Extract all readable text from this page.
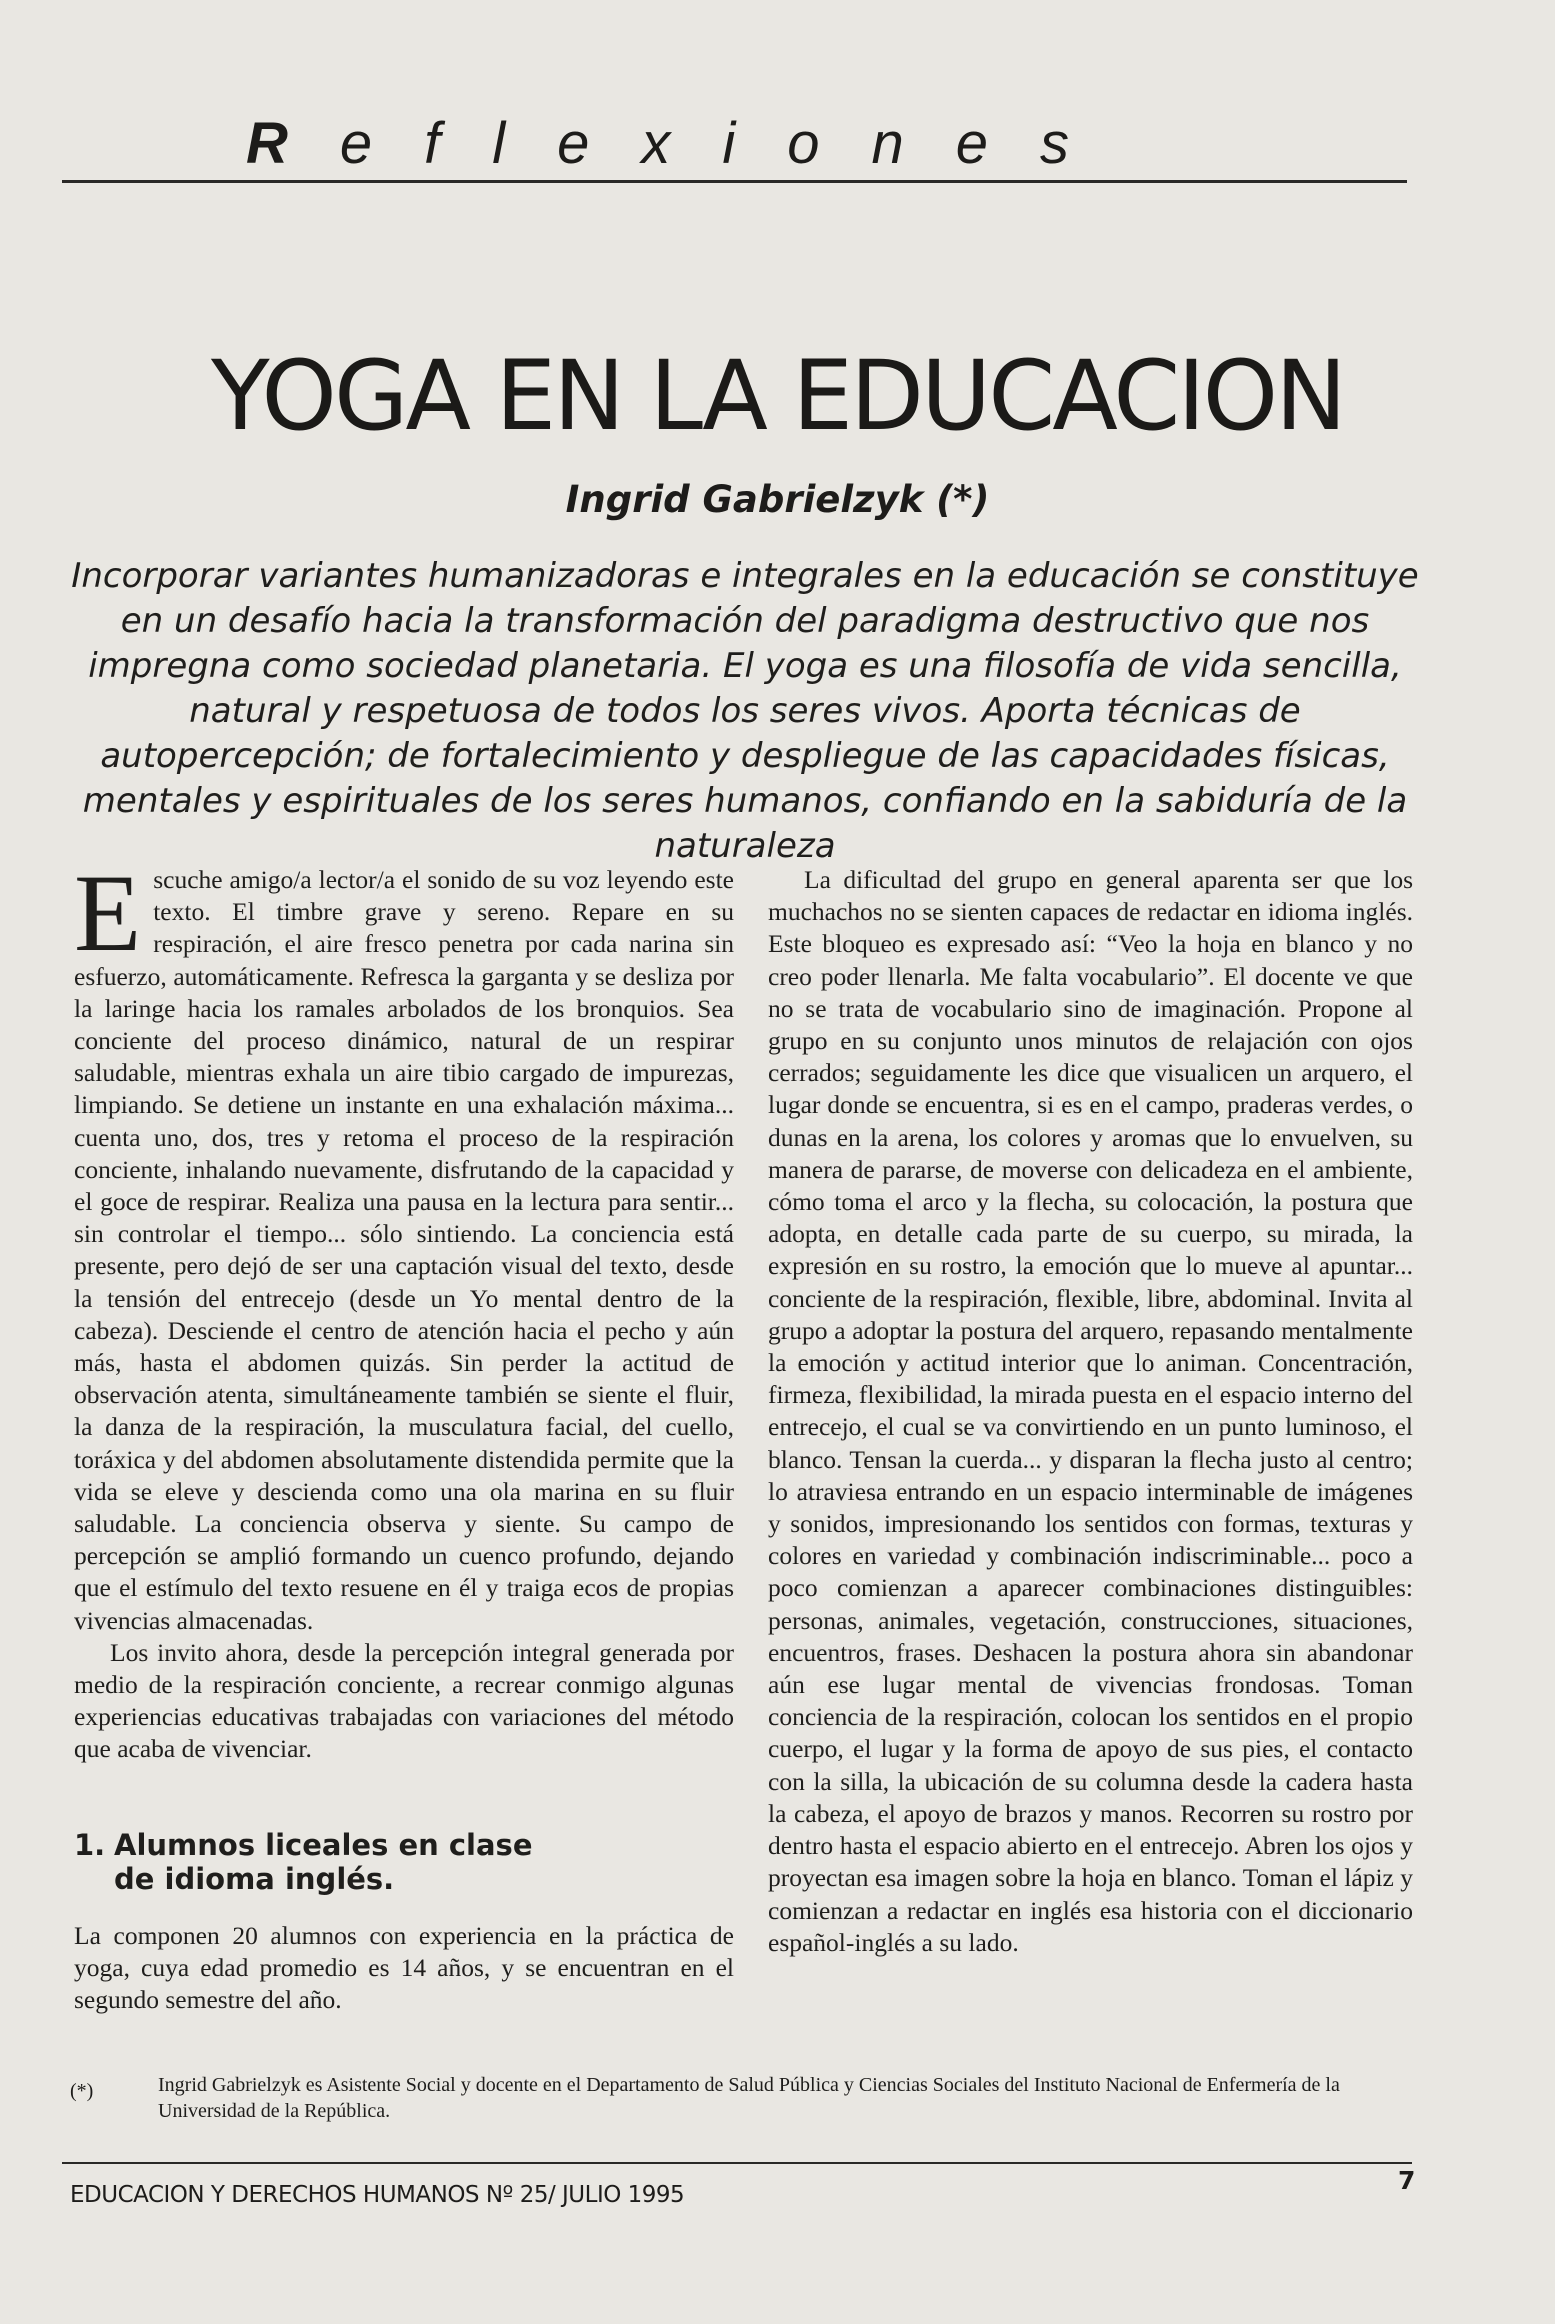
Reflexiones
YOGA EN LA EDUCACION
Ingrid Gabrielzyk (*)
Incorporar variantes humanizadoras e integrales en la educación se constituye en un desafío hacia la transformación del paradigma destructivo que nos impregna como sociedad planetaria. El yoga es una filosofía de vida sencilla, natural y respetuosa de todos los seres vivos. Aporta técnicas de autopercepción; de fortalecimiento y despliegue de las capacidades físicas, mentales y espirituales de los seres humanos, confiando en la sabiduría de la naturaleza

Escuche amigo/a lector/a el sonido de su voz leyendo este texto. El timbre grave y sereno. Repare en su respiración, el aire fresco penetra por cada narina sin esfuerzo, automáticamente. Refresca la garganta y se desliza por la laringe hacia los ramales arbolados de los bronquios. Sea conciente del proceso dinámico, natural de un respirar saludable, mientras exhala un aire tibio cargado de impurezas, limpiando. Se detiene un instante en una exhalación máxima... cuenta uno, dos, tres y retoma el proceso de la respiración conciente, inhalando nuevamente, disfrutando de la capacidad y el goce de respirar. Realiza una pausa en la lectura para sentir... sin controlar el tiempo... sólo sintiendo. La conciencia está presente, pero dejó de ser una captación visual del texto, desde la tensión del entrecejo (desde un Yo mental dentro de la cabeza). Desciende el centro de atención hacia el pecho y aún más, hasta el abdomen quizás. Sin perder la actitud de observación atenta, simultáneamente también se siente el fluir, la danza de la respiración, la musculatura facial, del cuello, toráxica y del abdomen absolutamente distendida permite que la vida se eleve y descienda como una ola marina en su fluir saludable. La conciencia observa y siente. Su campo de percepción se amplió formando un cuenco profundo, dejando que el estímulo del texto resuene en él y traiga ecos de propias vivencias almacenadas.

Los invito ahora, desde la percepción integral generada por medio de la respiración conciente, a recrear conmigo algunas experiencias educativas trabajadas con variaciones del método que acaba de vivenciar.

1. Alumnos liceales en clase
de idioma inglés.

La componen 20 alumnos con experiencia en la práctica de yoga, cuya edad promedio es 14 años, y se encuentran en el segundo semestre del año.

La dificultad del grupo en general aparenta ser que los muchachos no se sienten capaces de redactar en idioma inglés. Este bloqueo es expresado así: “Veo la hoja en blanco y no creo poder llenarla. Me falta vocabulario”. El docente ve que no se trata de vocabulario sino de imaginación. Propone al grupo en su conjunto unos minutos de relajación con ojos cerrados; seguidamente les dice que visualicen un arquero, el lugar donde se encuentra, si es en el campo, praderas verdes, o dunas en la arena, los colores y aromas que lo envuelven, su manera de pararse, de moverse con delicadeza en el ambiente, cómo toma el arco y la flecha, su colocación, la postura que adopta, en detalle cada parte de su cuerpo, su mirada, la expresión en su rostro, la emoción que lo mueve al apuntar... conciente de la respiración, flexible, libre, abdominal. Invita al grupo a adoptar la postura del arquero, repasando mentalmente la emoción y actitud interior que lo animan. Concentración, firmeza, flexibilidad, la mirada puesta en el espacio interno del entrecejo, el cual se va convirtiendo en un punto luminoso, el blanco. Tensan la cuerda... y disparan la flecha justo al centro; lo atraviesa entrando en un espacio interminable de imágenes y sonidos, impresionando los sentidos con formas, texturas y colores en variedad y combinación indiscriminable... poco a poco comienzan a aparecer combinaciones distinguibles: personas, animales, vegetación, construcciones, situaciones, encuentros, frases. Deshacen la postura ahora sin abandonar aún ese lugar mental de vivencias frondosas. Toman conciencia de la respiración, colocan los sentidos en el propio cuerpo, el lugar y la forma de apoyo de sus pies, el contacto con la silla, la ubicación de su columna desde la cadera hasta la cabeza, el apoyo de brazos y manos. Recorren su rostro por dentro hasta el espacio abierto en el entrecejo. Abren los ojos y proyectan esa imagen sobre la hoja en blanco. Toman el lápiz y comienzan a redactar en inglés esa historia con el diccionario español-inglés a su lado.

(*)	Ingrid Gabrielzyk es Asistente Social y docente en el Departamento de Salud Pública y Ciencias Sociales del Instituto Nacional de Enfermería de la Universidad de la República.
EDUCACION Y DERECHOS HUMANOS Nº 25/ JULIO 1995	7
